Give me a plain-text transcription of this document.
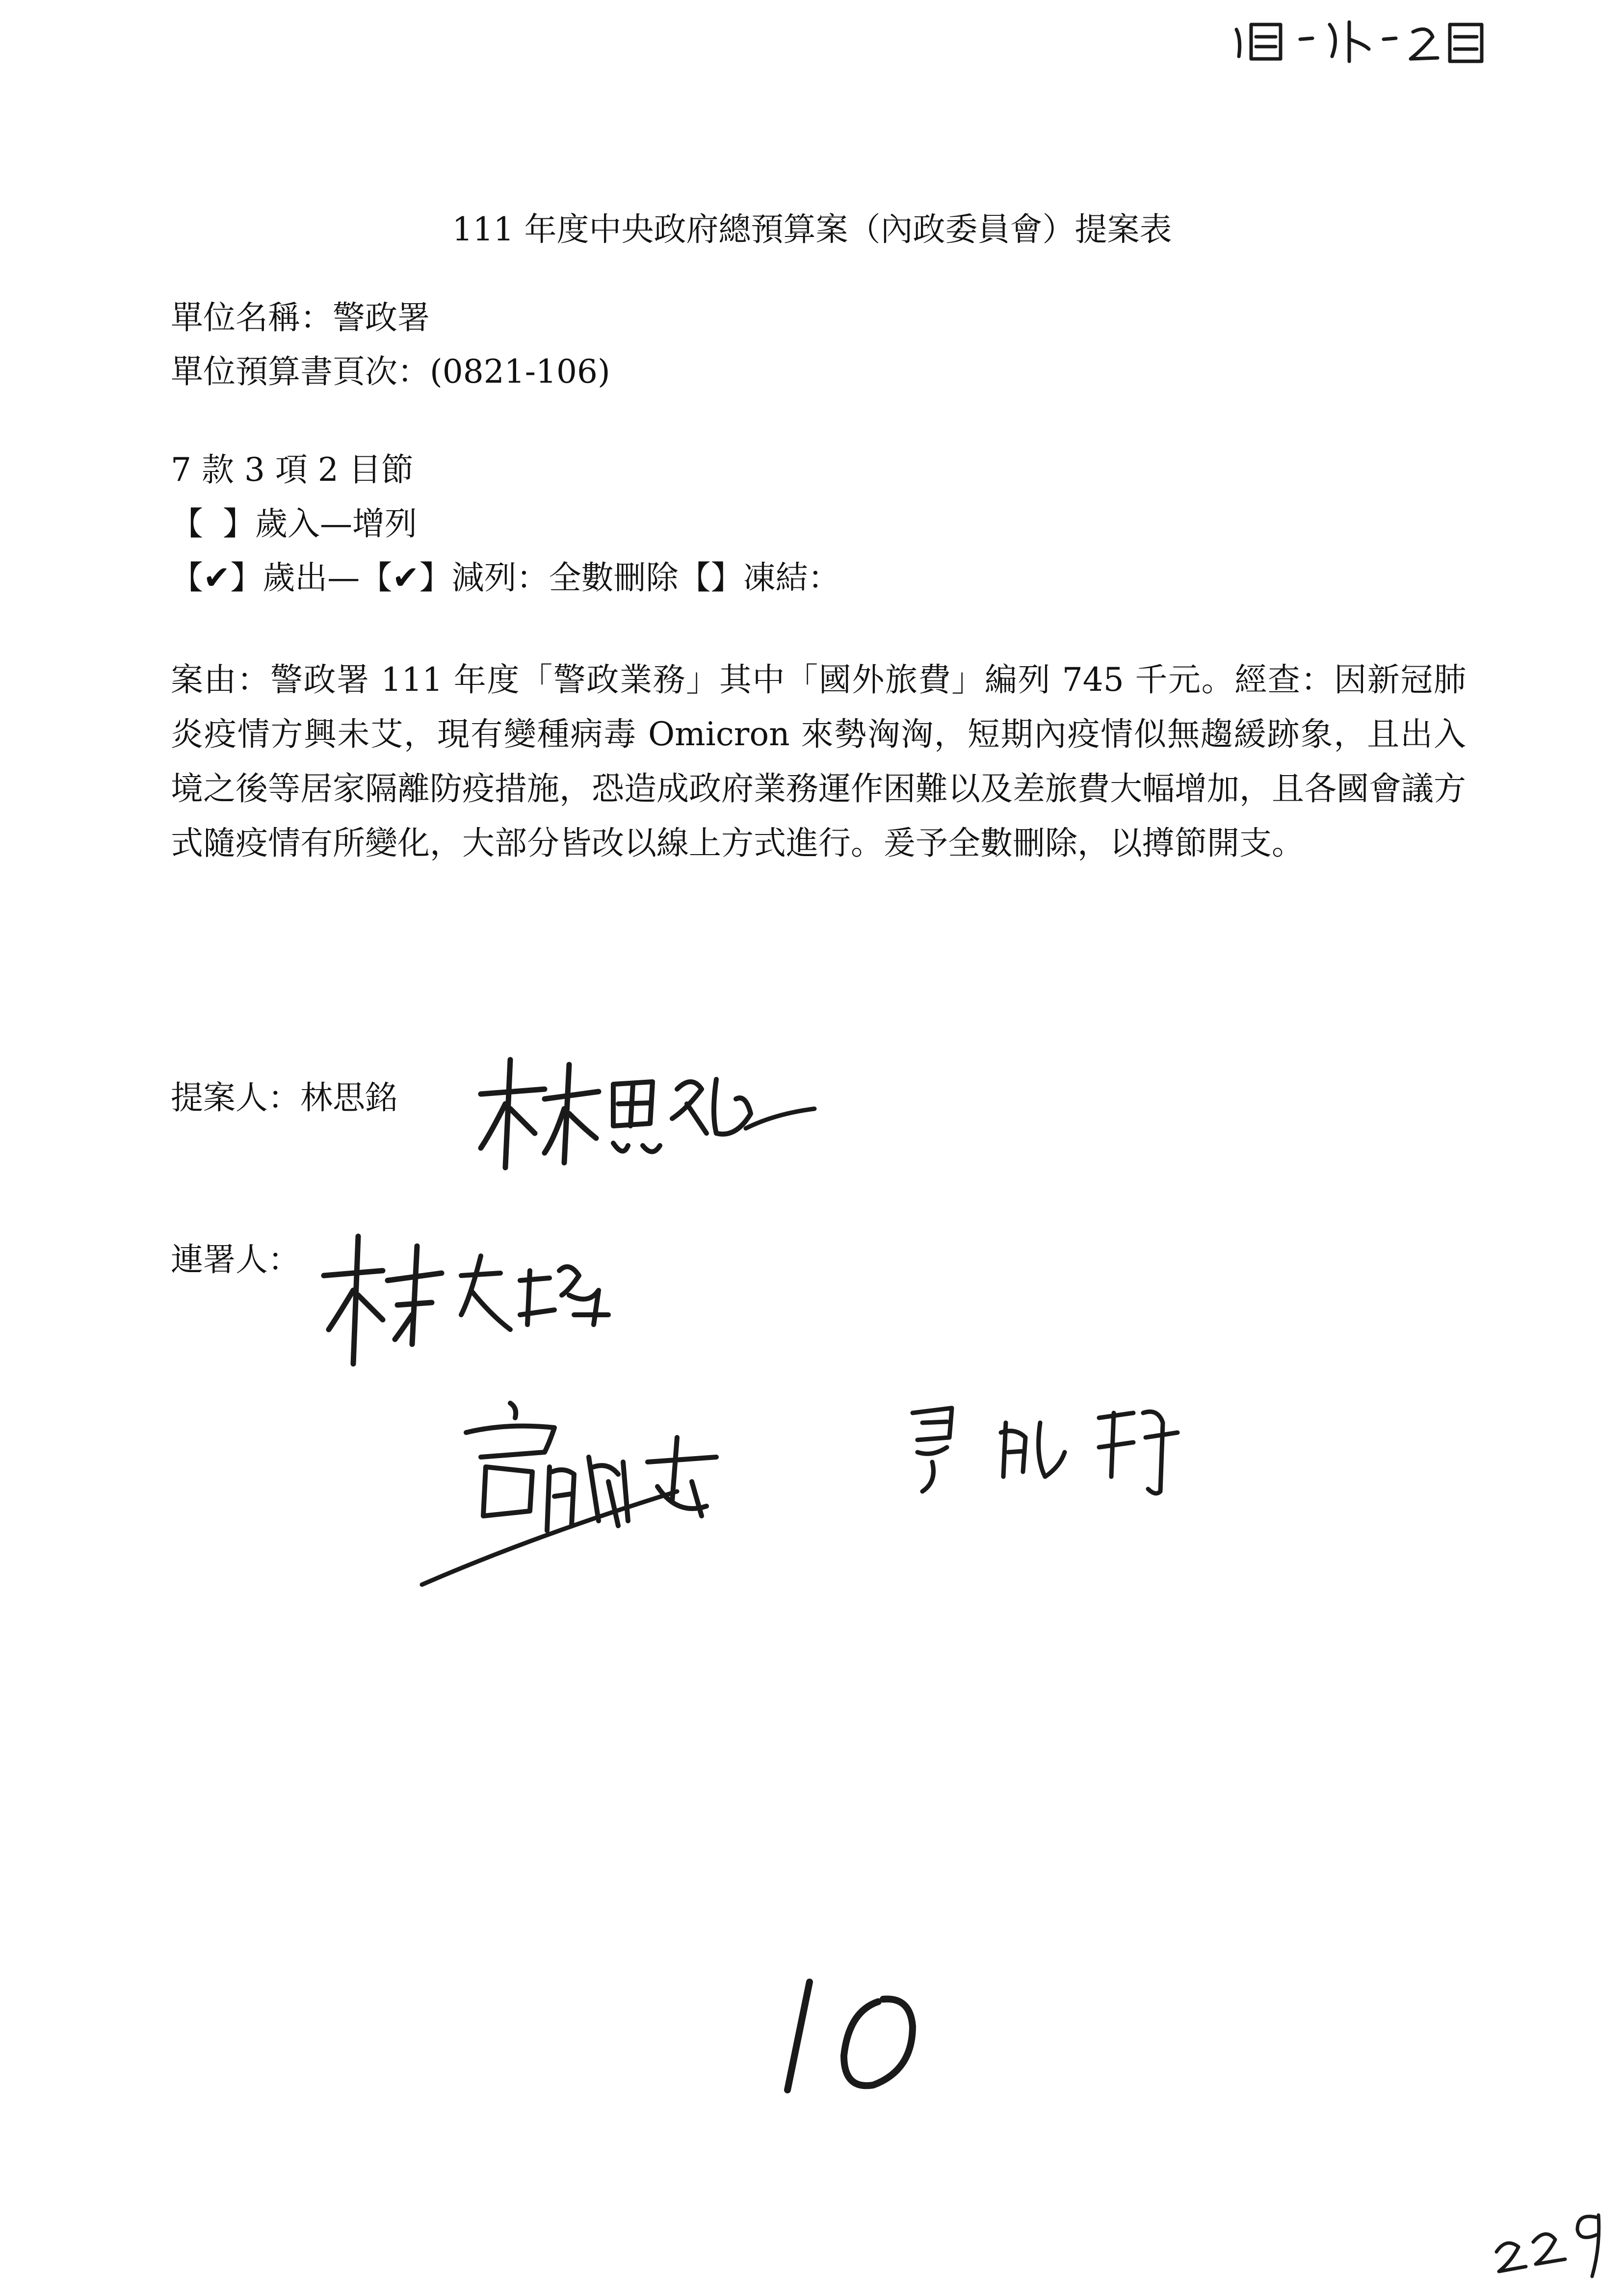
111 年度中央政府總預算案（內政委員會）提案表
單位名稱：警政署
單位預算書頁次：(0821-106)
7 款 3 項 2 目節
【 】歲入—增列
【✔】歲出—【✔】減列：全數刪除【】凍結：
案由：警政署 111 年度「警政業務」其中「國外旅費」編列 745 千元。經查：因新冠肺炎疫情方興未艾，現有變種病毒 Omicron 來勢洶洶，短期內疫情似無趨緩跡象，且出入境之後等居家隔離防疫措施，恐造成政府業務運作困難以及差旅費大幅增加，且各國會議方式隨疫情有所變化，大部分皆改以線上方式進行。爰予全數刪除，以撙節開支。
提案人：林思銘
連署人：
